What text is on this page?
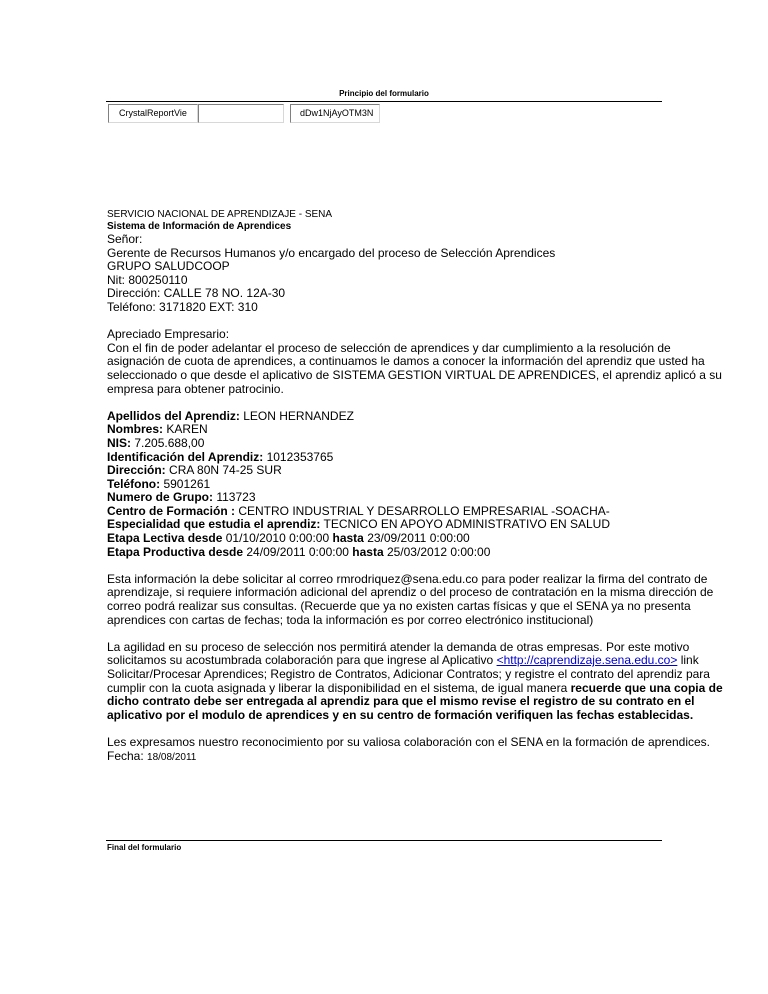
Principio del formulario
CrystalReportVie	dDw1NjAyOTM3N

SERVICIO NACIONAL DE APRENDIZAJE - SENA

Sistema de Información de Aprendices

Señor:

Gerente de Recursos Humanos y/o encargado del proceso de Selección Aprendices

GRUPO SALUDCOOP

Nit: 800250110

Dirección: CALLE 78 NO. 12A-30

Teléfono: 3171820 EXT: 310

Apreciado Empresario:

Con el fin de poder adelantar el proceso de selección de aprendices y dar cumplimiento a la resolución de asignación de cuota de aprendices, a continuamos le damos a conocer la información del aprendiz que usted ha seleccionado o que desde el aplicativo de SISTEMA GESTION VIRTUAL DE APRENDICES, el aprendiz aplicó a su empresa para obtener patrocinio.

Apellidos del Aprendiz: LEON HERNANDEZ

Nombres: KAREN

NIS: 7.205.688,00

Identificación del Aprendiz: 1012353765

Dirección: CRA 80N 74-25 SUR

Teléfono: 5901261

Numero de Grupo: 113723

Centro de Formación : CENTRO INDUSTRIAL Y DESARROLLO EMPRESARIAL -SOACHA-

Especialidad que estudia el aprendiz: TECNICO EN APOYO ADMINISTRATIVO EN SALUD

Etapa Lectiva desde 01/10/2010 0:00:00 hasta 23/09/2011 0:00:00

Etapa Productiva desde 24/09/2011 0:00:00 hasta 25/03/2012 0:00:00

Esta información la debe solicitar al correo rmrodriquez@sena.edu.co para poder realizar la firma del contrato de aprendizaje, si requiere información adicional del aprendiz o del proceso de contratación en la misma dirección de correo podrá realizar sus consultas. (Recuerde que ya no existen cartas físicas y que el SENA ya no presenta aprendices con cartas de fechas; toda la información es por correo electrónico institucional)

La agilidad en su proceso de selección nos permitirá atender la demanda de otras empresas. Por este motivo solicitamos su acostumbrada colaboración para que ingrese al Aplicativo <http://caprendizaje.sena.edu.co> link Solicitar/Procesar Aprendices; Registro de Contratos, Adicionar Contratos; y registre el contrato del aprendiz para cumplir con la cuota asignada y liberar la disponibilidad en el sistema, de igual manera recuerde que una copia de dicho contrato debe ser entregada al aprendiz para que el mismo revise el registro de su contrato en el aplicativo por el modulo de aprendices y en su centro de formación verifiquen las fechas establecidas.

Les expresamos nuestro reconocimiento por su valiosa colaboración con el SENA en la formación de aprendices.

Fecha: 18/08/2011

Final del formulario
